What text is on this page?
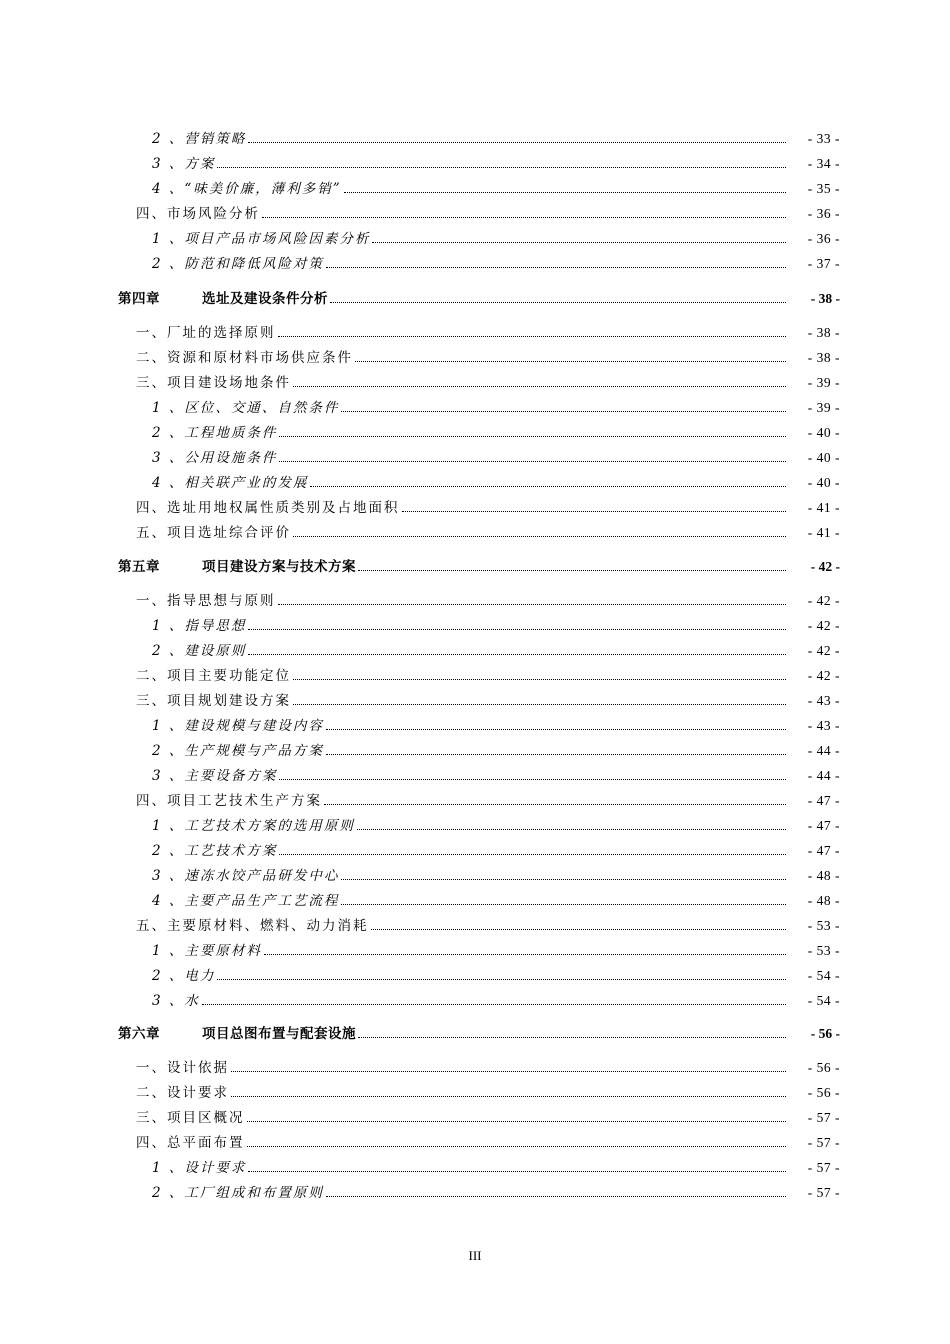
2 、营销策略	- 33 -
3 、方案	- 34 -
4 、“味美价廉，薄利多销”	- 35 -
四、市场风险分析	- 36 -
1 、项目产品市场风险因素分析	- 36 -
2 、防范和降低风险对策	- 37 -
第四章	选址及建设条件分析	- 38 -
一、厂址的选择原则	- 38 -
二、资源和原材料市场供应条件	- 38 -
三、项目建设场地条件	- 39 -
1 、区位、交通、自然条件	- 39 -
2 、工程地质条件	- 40 -
3 、公用设施条件	- 40 -
4 、相关联产业的发展	- 40 -
四、选址用地权属性质类别及占地面积	- 41 -
五、项目选址综合评价	- 41 -
第五章	项目建设方案与技术方案	- 42 -
一、指导思想与原则	- 42 -
1 、指导思想	- 42 -
2 、建设原则	- 42 -
二、项目主要功能定位	- 42 -
三、项目规划建设方案	- 43 -
1 、建设规模与建设内容	- 43 -
2 、生产规模与产品方案	- 44 -
3 、主要设备方案	- 44 -
四、项目工艺技术生产方案	- 47 -
1 、工艺技术方案的选用原则	- 47 -
2 、工艺技术方案	- 47 -
3 、速冻水饺产品研发中心	- 48 -
4 、主要产品生产工艺流程	- 48 -
五、主要原材料、燃料、动力消耗	- 53 -
1 、主要原材料	- 53 -
2 、电力	- 54 -
3 、水	- 54 -
第六章	项目总图布置与配套设施	- 56 -
一、设计依据	- 56 -
二、设计要求	- 56 -
三、项目区概况	- 57 -
四、总平面布置	- 57 -
1 、设计要求	- 57 -
2 、工厂组成和布置原则	- 57 -
III
